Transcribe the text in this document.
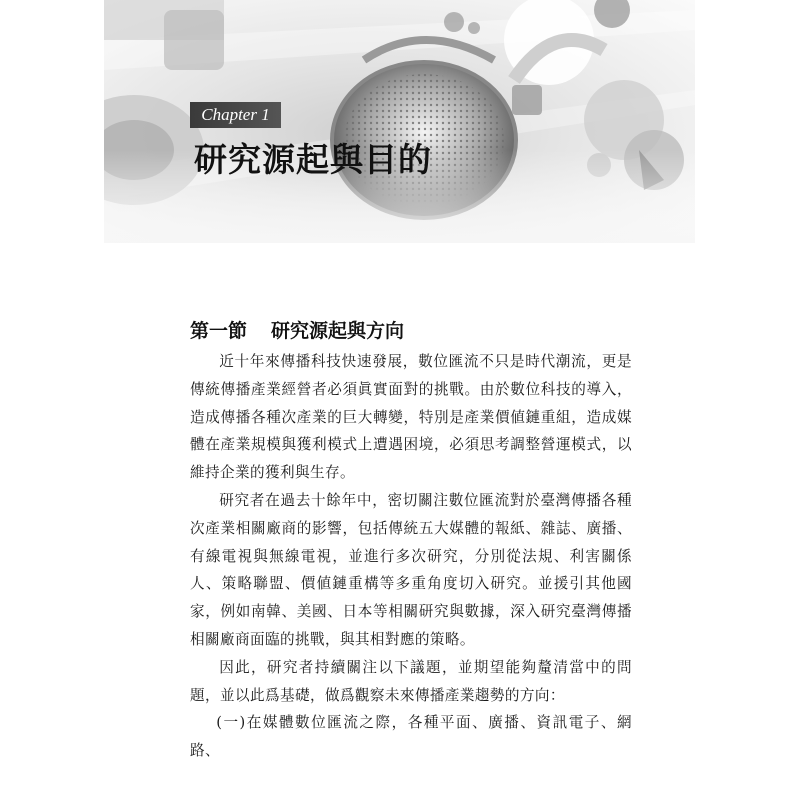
Chapter 1
研究源起與目的
第一節 研究源起與方向

近十年來傳播科技快速發展，數位匯流不只是時代潮流，更是傳統傳播產業經營者必須眞實面對的挑戰。由於數位科技的導入，造成傳播各種次產業的巨大轉變，特別是產業價値鏈重組，造成媒體在產業規模與獲利模式上遭遇困境，必須思考調整營運模式，以維持企業的獲利與生存。

研究者在過去十餘年中，密切關注數位匯流對於臺灣傳播各種次產業相關廠商的影響，包括傳統五大媒體的報紙、雜誌、廣播、有線電視與無線電視，並進行多次研究，分別從法規、利害關係人、策略聯盟、價値鏈重構等多重角度切入研究。並援引其他國家，例如南韓、美國、日本等相關研究與數據，深入研究臺灣傳播相關廠商面臨的挑戰，與其相對應的策略。

因此，研究者持續關注以下議題，並期望能夠釐清當中的問題，並以此爲基礎，做爲觀察未來傳播產業趨勢的方向：

(一)在媒體數位匯流之際，各種平面、廣播、資訊電子、網路、
